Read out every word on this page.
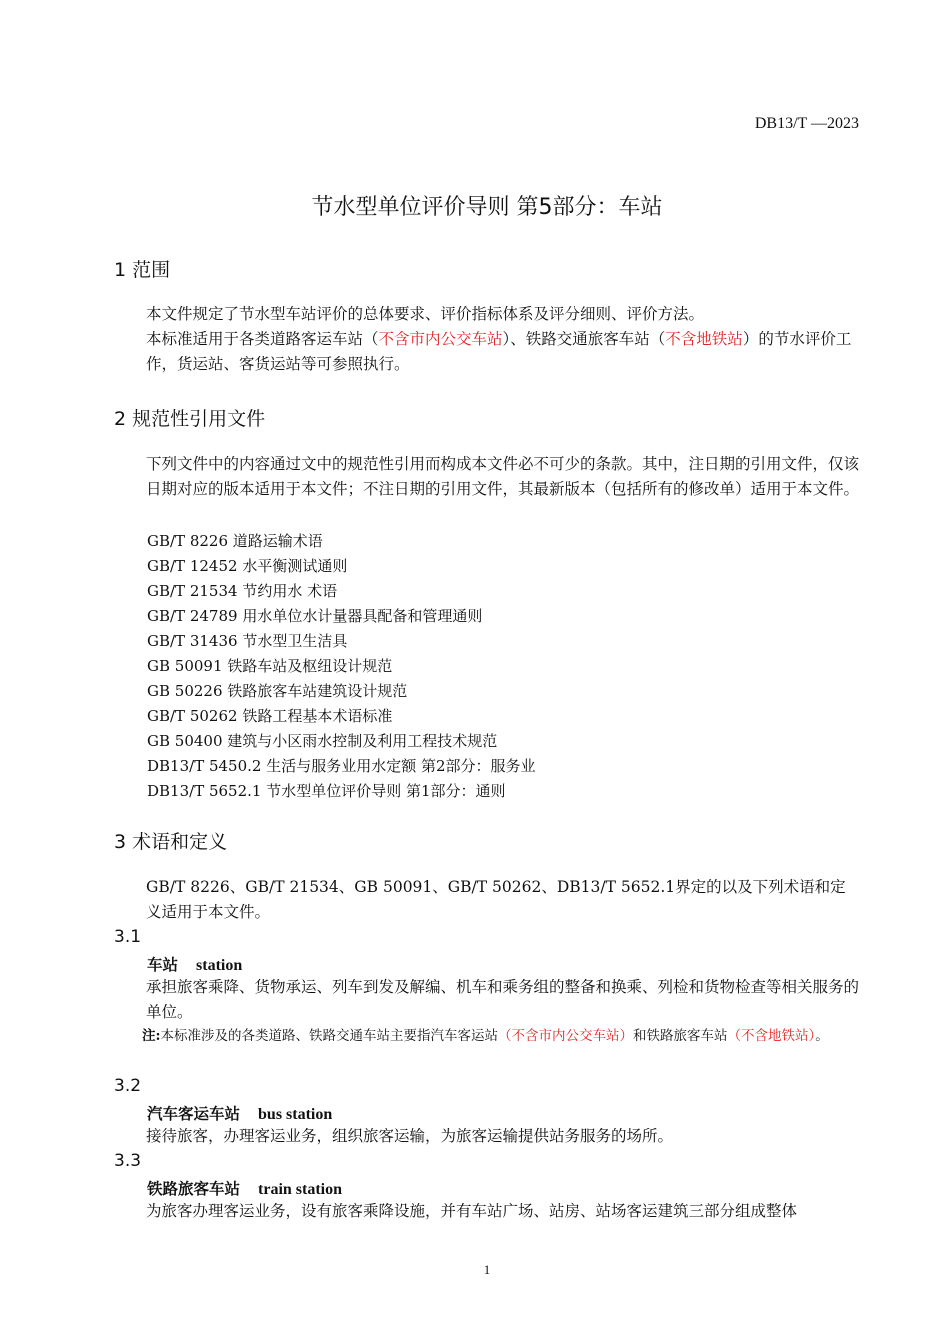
DB13/T —2023
节水型单位评价导则 第5部分：车站
1 范围
本文件规定了节水型车站评价的总体要求、评价指标体系及评分细则、评价方法。
本标准适用于各类道路客运车站（不含市内公交车站）、铁路交通旅客车站（不含地铁站）的节水评价工作，货运站、客货运站等可参照执行。
2 规范性引用文件
下列文件中的内容通过文中的规范性引用而构成本文件必不可少的条款。其中，注日期的引用文件，仅该日期对应的版本适用于本文件；不注日期的引用文件，其最新版本（包括所有的修改单）适用于本文件。
GB/T 8226 道路运输术语
GB/T 12452 水平衡测试通则
GB/T 21534 节约用水 术语
GB/T 24789 用水单位水计量器具配备和管理通则
GB/T 31436 节水型卫生洁具
GB 50091 铁路车站及枢纽设计规范
GB 50226 铁路旅客车站建筑设计规范
GB/T 50262 铁路工程基本术语标准
GB 50400 建筑与小区雨水控制及利用工程技术规范
DB13/T 5450.2 生活与服务业用水定额 第2部分：服务业
DB13/T 5652.1 节水型单位评价导则 第1部分：通则
3 术语和定义
GB/T 8226、GB/T 21534、GB 50091、GB/T 50262、DB13/T 5652.1界定的以及下列术语和定义适用于本文件。
3.1
车站 station
承担旅客乘降、货物承运、列车到发及解编、机车和乘务组的整备和换乘、列检和货物检查等相关服务的单位。
注:本标准涉及的各类道路、铁路交通车站主要指汽车客运站（不含市内公交车站）和铁路旅客车站（不含地铁站）。
3.2
汽车客运车站 bus station
接待旅客，办理客运业务，组织旅客运输，为旅客运输提供站务服务的场所。
3.3
铁路旅客车站 train station
为旅客办理客运业务，设有旅客乘降设施，并有车站广场、站房、站场客运建筑三部分组成整体
1
